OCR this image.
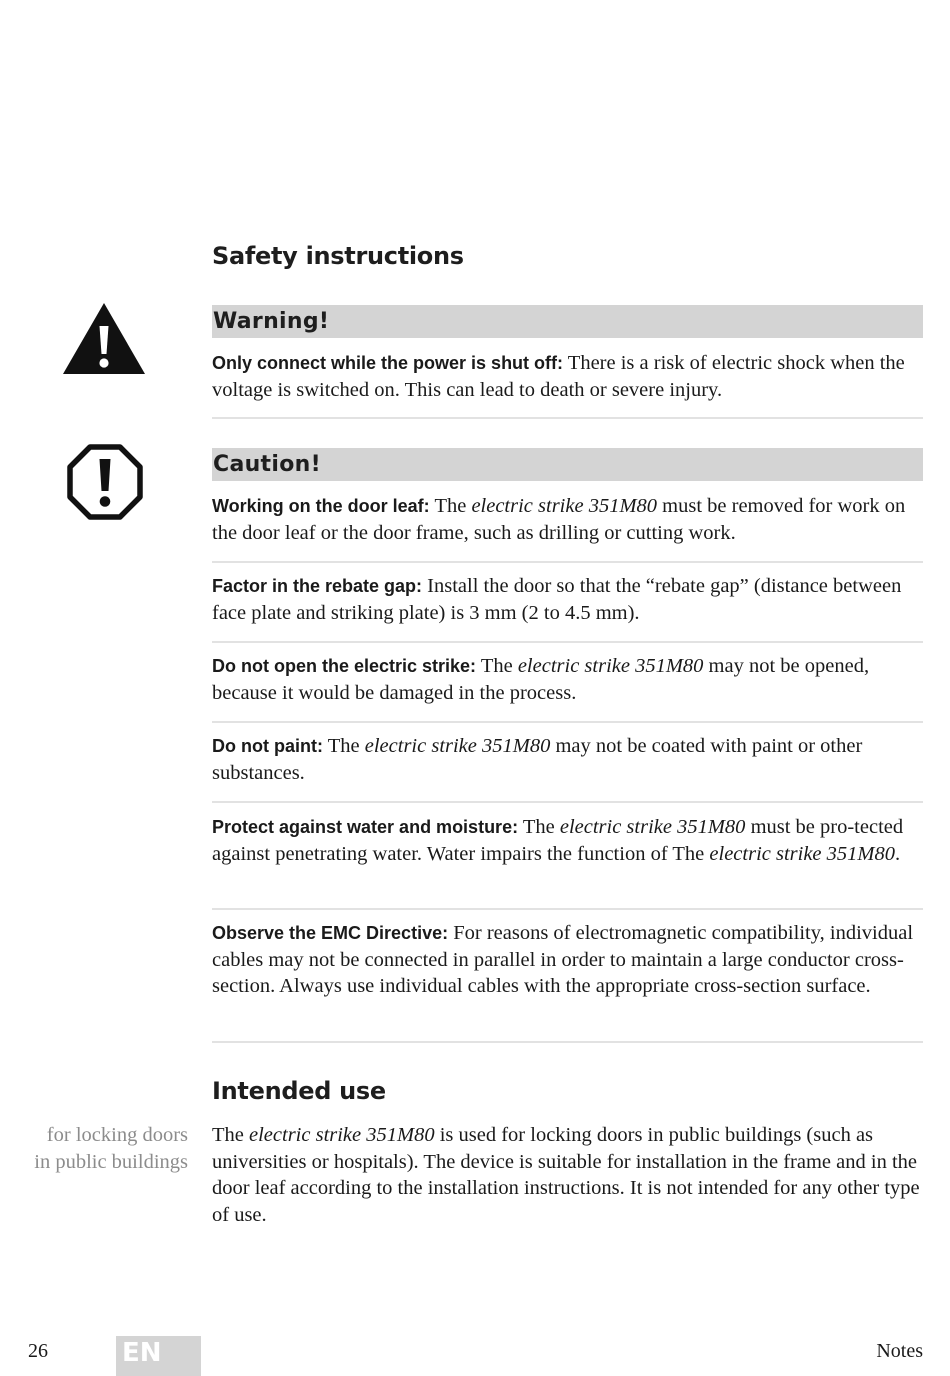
Safety instructions
Warning!
Only connect while the power is shut off: There is a risk of electric shock when the voltage is switched on. This can lead to death or severe injury.
Caution!
Working on the door leaf: The electric strike 351M80 must be removed for work on the door leaf or the door frame, such as drilling or cutting work.
Factor in the rebate gap: Install the door so that the “rebate gap” (distance between face plate and striking plate) is 3 mm (2 to 4.5 mm).
Do not open the electric strike: The electric strike 351M80 may not be opened, because it would be damaged in the process.
Do not paint: The electric strike 351M80 may not be coated with paint or other substances.
Protect against water and moisture: The electric strike 351M80 must be pro-tected against penetrating water. Water impairs the function of The electric strike 351M80.
Observe the EMC Directive: For reasons of electromagnetic compatibility, individual cables may not be connected in parallel in order to maintain a large conductor cross-section. Always use individual cables with the appropriate cross-section surface.
Intended use
for locking doors in public buildings
The electric strike 351M80 is used for locking doors in public buildings (such as universities or hospitals). The device is suitable for installation in the frame and in the door leaf according to the installation instructions. It is not intended for any other type of use.
26	EN	Notes
